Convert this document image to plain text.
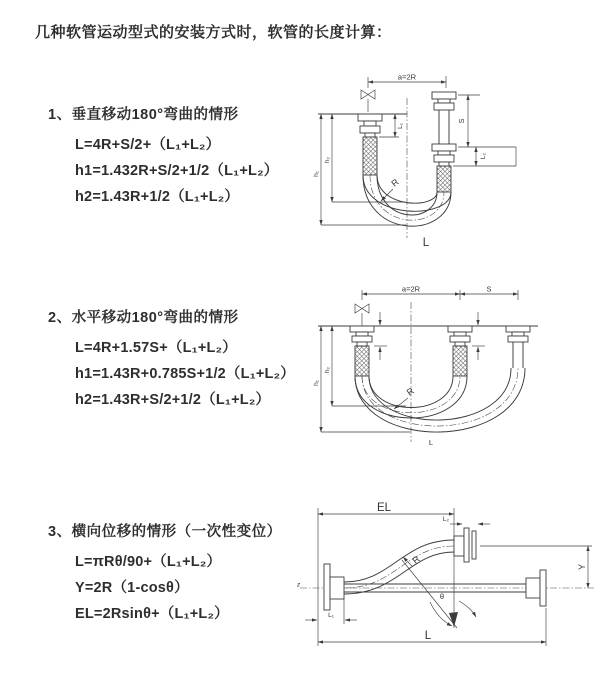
几种软管运动型式的安装方式时，软管的长度计算：
1、垂直移动180°弯曲的情形
L=4R+S/2+（L₁+L₂）
h1=1.432R+S/2+1/2（L₁+L₂）
h2=1.43R+1/2（L₁+L₂）
2、水平移动180°弯曲的情形
L=4R+1.57S+（L₁+L₂）
h1=1.43R+0.785S+1/2（L₁+L₂）
h2=1.43R+S/2+1/2（L₁+L₂）
3、横向位移的情形（一次性变位）
L=πRθ/90+（L₁+L₂）
Y=2R（1-cosθ）
EL=2Rsinθ+（L₁+L₂）
a=2R
L₁
S
L₂
h₁
h₂
R
L
a=2R	S
h₁
h₂
R
L
EL
L₂
z
Y
θ
R
L
L₁
